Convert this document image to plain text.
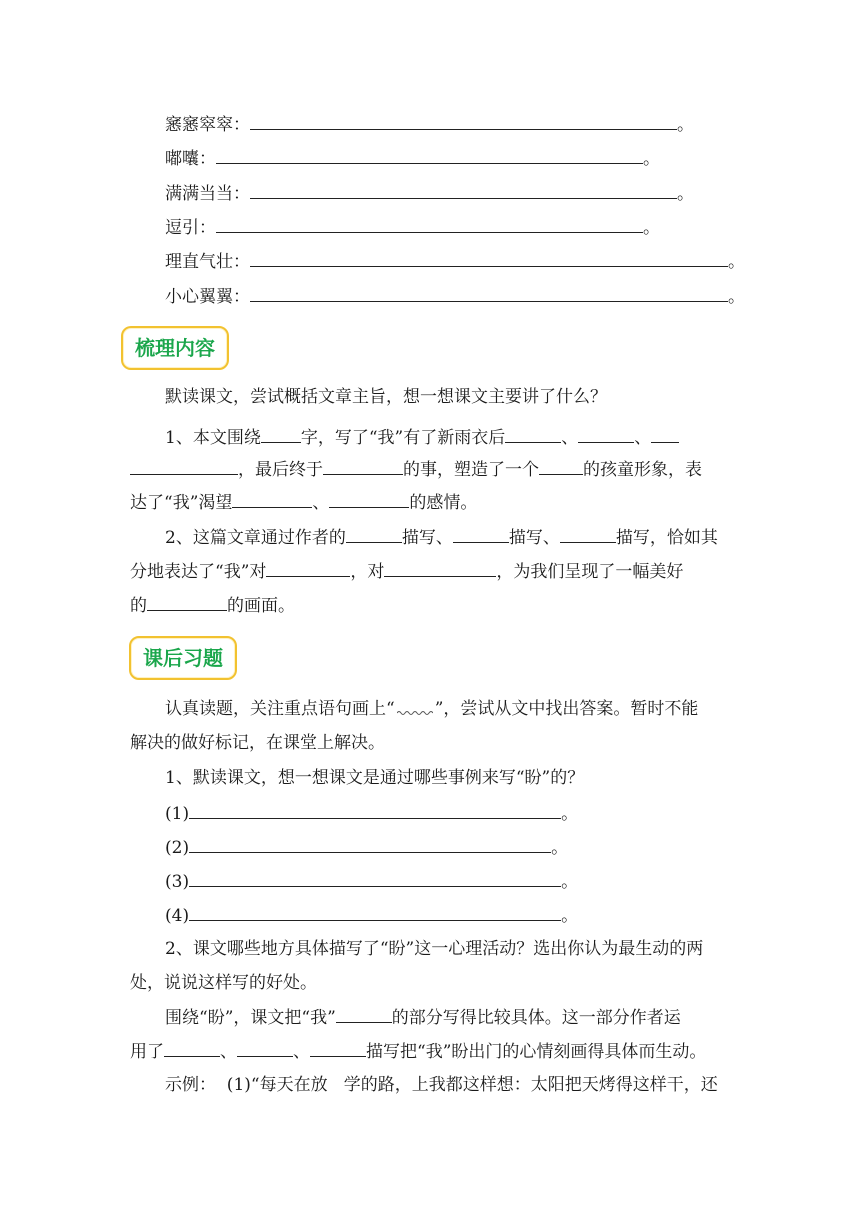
窸窸窣窣：	。
嘟囔：	。
满满当当：	。
逗引：	。
理直气壮：	。
小心翼翼：	。
梳理内容
默读课文，尝试概括文章主旨，想一想课文主要讲了什么？
1、本文围绕 字，写了“我”有了新雨衣后	、	、
，最后终于	的事，塑造了一个	的孩童形象，表
达了“我”渴望	、	的感情。
2、这篇文章通过作者的	描写、	描写、	描写，恰如其
分地表达了“我”对	，对	，为我们呈现了一幅美好
的	的画面。
课后习题
认真读题，关注重点语句画上“ ”，尝试从文中找出答案。暂时不能
解决的做好标记，在课堂上解决。
1、默读课文，想一想课文是通过哪些事例来写“盼”的？
(1)	。
(2)	。
(3)	。
(4)	。
2、课文哪些地方具体描写了“盼”这一心理活动？选出你认为最生动的两
处，说说这样写的好处。
围绕“盼”，课文把“我”	的部分写得比较具体。这一部分作者运
用了	、	、	描写把“我”盼出门的心情刻画得具体而生动。
示例：  (1)“每天在放   学的路，上我都这样想：太阳把天烤得这样干，还
